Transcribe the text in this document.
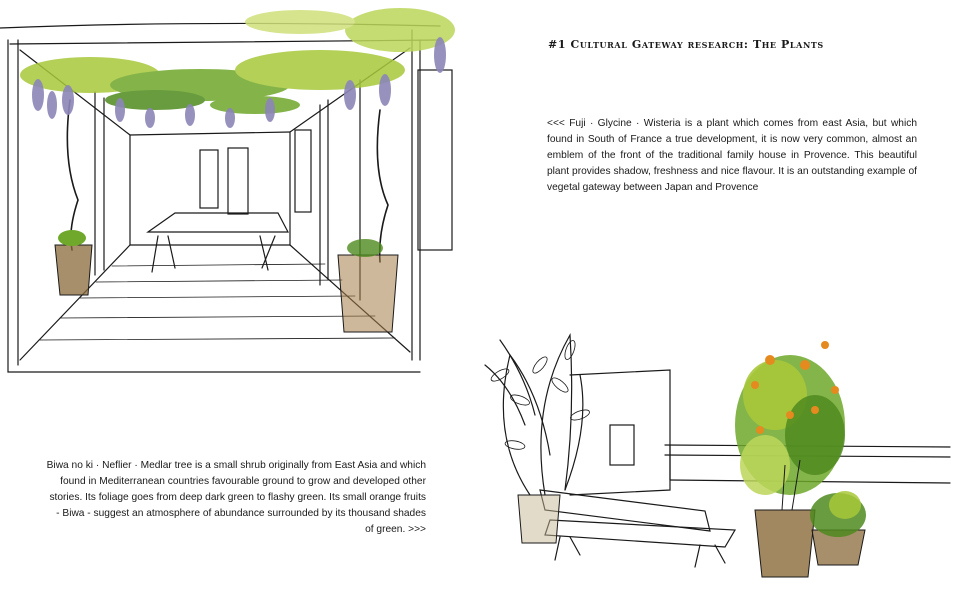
#1 Cultural Gateway research: The Plants
<<< Fuji · Glycine · Wisteria is a plant which comes from east Asia, but which found in South of France a true development, it is now very common, almost an emblem of the front of the traditional family house in Provence. This beautiful plant provides shadow, freshness and nice flavour. It is an outstanding example of vegetal gateway between Japan and Provence
Biwa no ki · Neflier · Medlar tree is a small shrub originally from East Asia and which found in Mediterranean countries favourable ground to grow and developed other stories. Its foliage goes from deep dark green to flashy green. Its small orange fruits - Biwa - suggest an atmosphere of abundance surrounded by its thousand shades of green. >>>
